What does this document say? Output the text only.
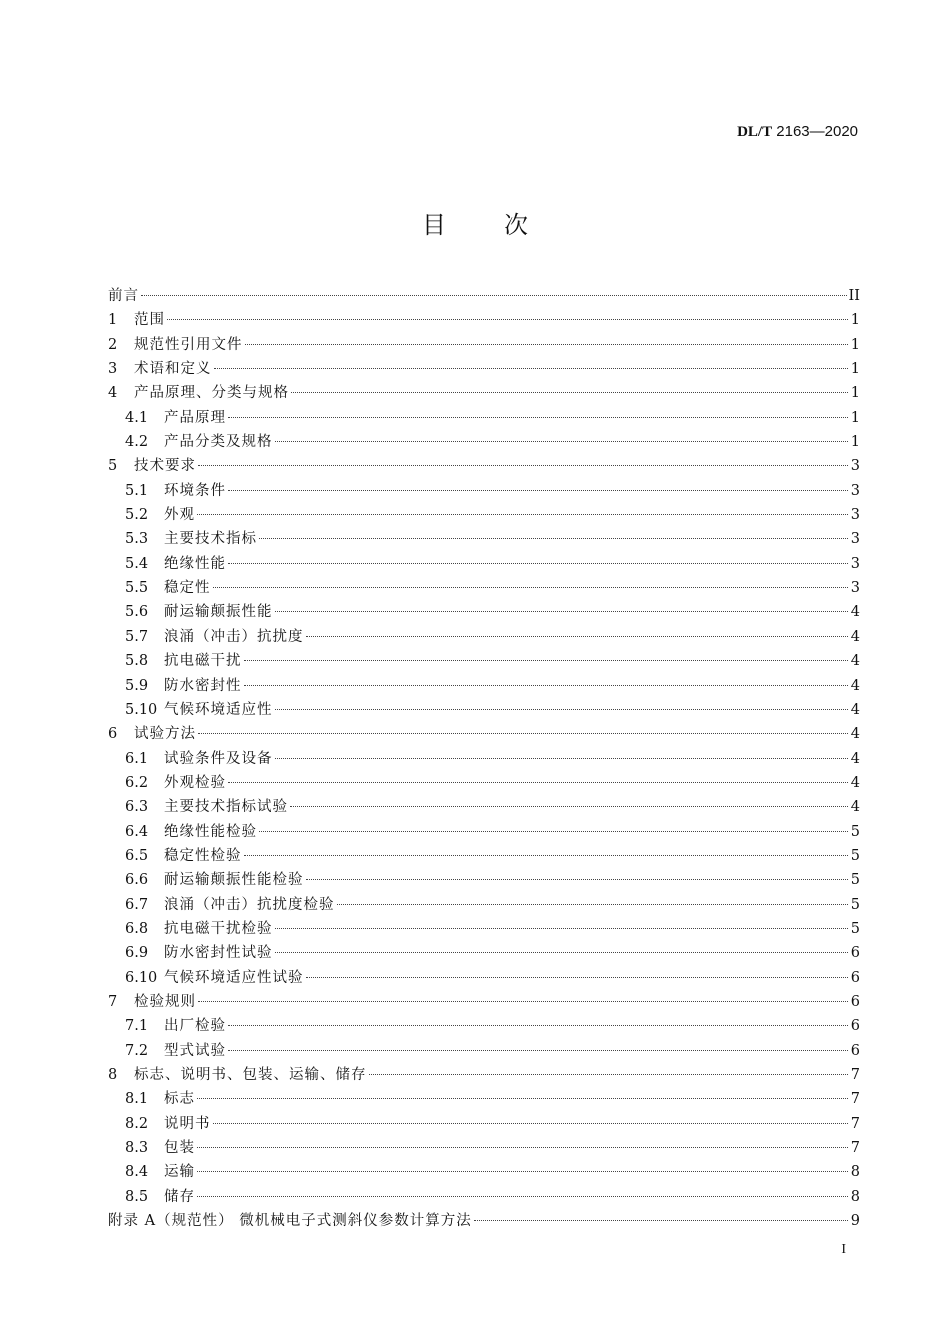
DL/T 2163—2020
目次
前言	II
1	范围	1
2	规范性引用文件	1
3	术语和定义	1
4	产品原理、分类与规格	1
4.1	产品原理	1
4.2	产品分类及规格	1
5	技术要求	3
5.1	环境条件	3
5.2	外观	3
5.3	主要技术指标	3
5.4	绝缘性能	3
5.5	稳定性	3
5.6	耐运输颠振性能	4
5.7	浪涌（冲击）抗扰度	4
5.8	抗电磁干扰	4
5.9	防水密封性	4
5.10 气候环境适应性	4
6	试验方法	4
6.1	试验条件及设备	4
6.2	外观检验	4
6.3	主要技术指标试验	4
6.4	绝缘性能检验	5
6.5	稳定性检验	5
6.6	耐运输颠振性能检验	5
6.7	浪涌（冲击）抗扰度检验	5
6.8	抗电磁干扰检验	5
6.9	防水密封性试验	6
6.10 气候环境适应性试验	6
7	检验规则	6
7.1	出厂检验	6
7.2	型式试验	6
8	标志、说明书、包装、运输、储存	7
8.1	标志	7
8.2	说明书	7
8.3	包装	7
8.4	运输	8
8.5	储存	8
附录 A（规范性） 微机械电子式测斜仪参数计算方法	9
I
